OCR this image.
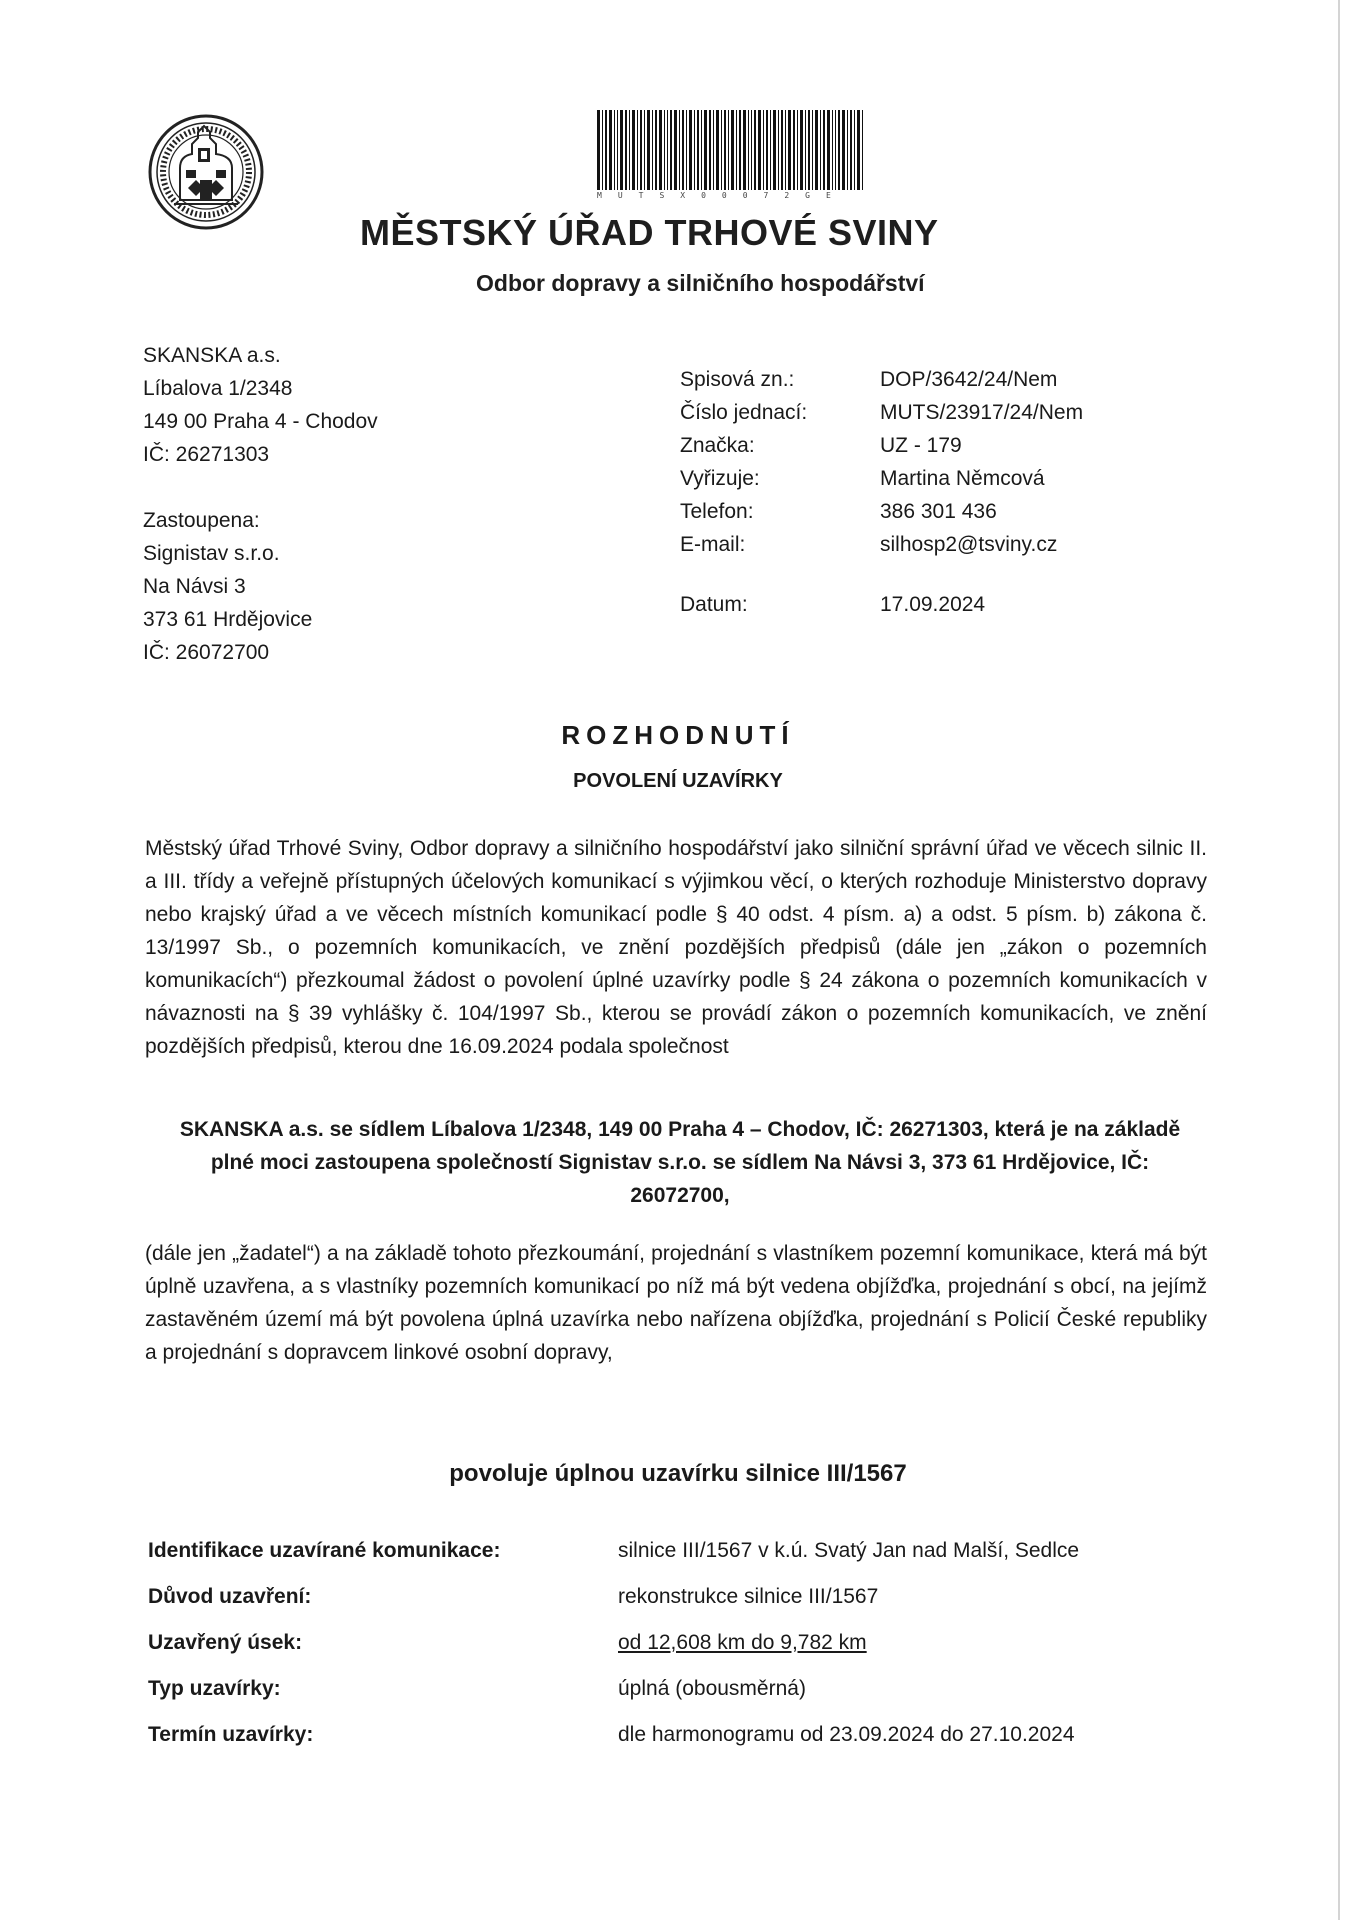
MUTSX00072GE
MĚSTSKÝ ÚŘAD TRHOVÉ SVINY
Odbor dopravy a silničního hospodářství
SKANSKA a.s.
Líbalova 1/2348
149 00 Praha 4 - Chodov
IČ: 26271303
Zastoupena:
Signistav s.r.o.
Na Návsi 3
373 61 Hrdějovice
IČ: 26072700
Spisová zn.:	DOP/3642/24/Nem
Číslo jednací:	MUTS/23917/24/Nem
Značka:	UZ - 179
Vyřizuje:	Martina Němcová
Telefon:	386 301 436
E-mail:	silhosp2@tsviny.cz
Datum:	17.09.2024
ROZHODNUTÍ
POVOLENÍ UZAVÍRKY

Městský úřad Trhové Sviny, Odbor dopravy a silničního hospodářství jako silniční správní úřad ve věcech silnic II. a III. třídy a veřejně přístupných účelových komunikací s výjimkou věcí, o kterých rozhoduje Ministerstvo dopravy nebo krajský úřad a ve věcech místních komunikací podle § 40 odst. 4 písm. a) a odst. 5 písm. b) zákona č. 13/1997 Sb., o pozemních komunikacích, ve znění pozdějších předpisů (dále jen „zákon o pozemních komunikacích“) přezkoumal žádost o povolení úplné uzavírky podle § 24 zákona o pozemních komunikacích v návaznosti na § 39 vyhlášky č. 104/1997 Sb., kterou se provádí zákon o pozemních komunikacích, ve znění pozdějších předpisů, kterou dne 16.09.2024 podala společnost

SKANSKA a.s. se sídlem Líbalova 1/2348, 149 00 Praha 4 – Chodov, IČ: 26271303, která je na základě plné moci zastoupena společností Signistav s.r.o. se sídlem Na Návsi 3, 373 61 Hrdějovice, IČ: 26072700,

(dále jen „žadatel“) a na základě tohoto přezkoumání, projednání s vlastníkem pozemní komunikace, která má být úplně uzavřena, a s vlastníky pozemních komunikací po níž má být vedena objížďka, projednání s obcí, na jejímž zastavěném území má být povolena úplná uzavírka nebo nařízena objížďka, projednání s Policií České republiky a projednání s dopravcem linkové osobní dopravy,

povoluje úplnou uzavírku silnice III/1567
Identifikace uzavírané komunikace:	silnice III/1567 v k.ú. Svatý Jan nad Malší, Sedlce
Důvod uzavření:	rekonstrukce silnice III/1567
Uzavřený úsek:	od 12,608 km do 9,782 km
Typ uzavírky:	úplná (obousměrná)
Termín uzavírky:	dle harmonogramu od 23.09.2024 do 27.10.2024
